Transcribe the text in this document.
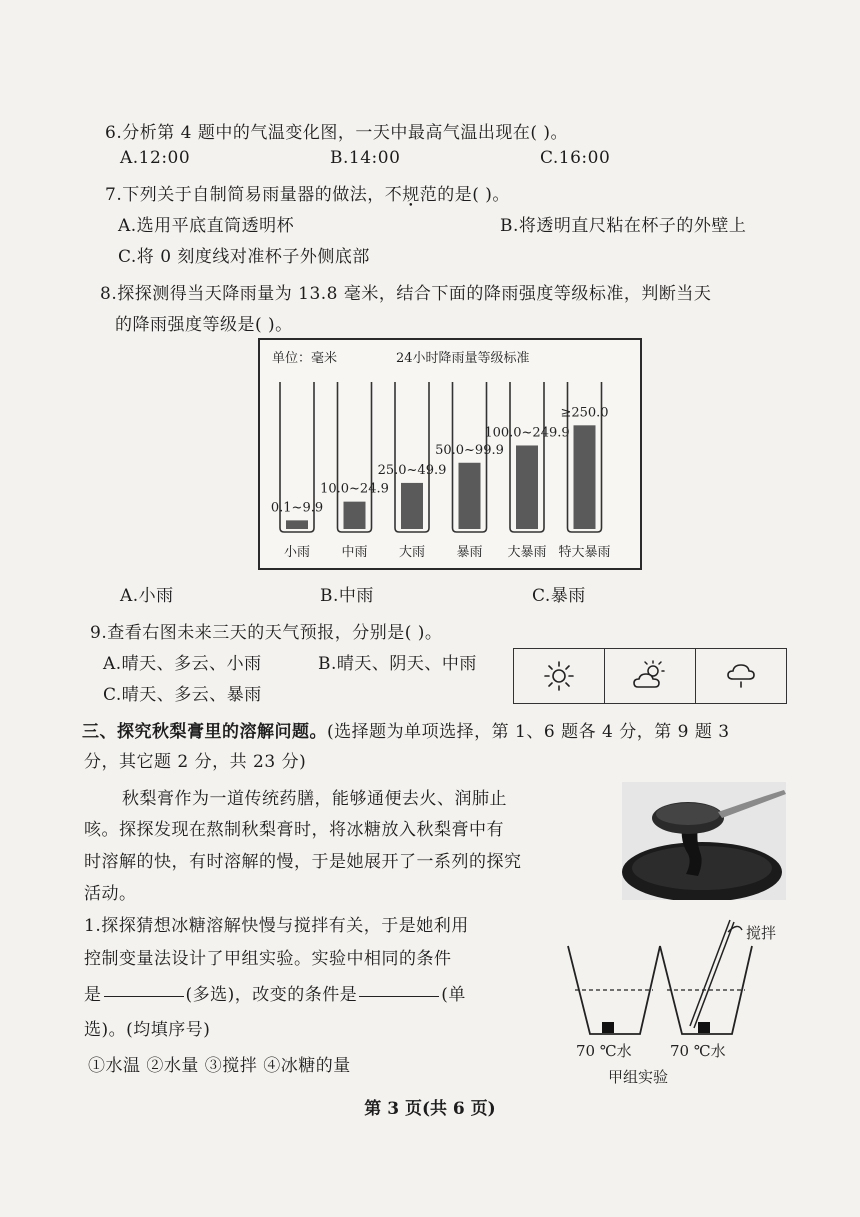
6.分析第 4 题中的气温变化图，一天中最高气温出现在( )。
A.12:00	B.14:00	C.16:00
7.下列关于自制简易雨量器的做法，不规范的是( )。
A.选用平底直筒透明杯	B.将透明直尺粘在杯子的外壁上
C.将 0 刻度线对准杯子外侧底部
8.探探测得当天降雨量为 13.8 毫米，结合下面的降雨强度等级标准，判断当天
的降雨强度等级是( )。
单位：毫米	24小时降雨量等级标准
0.1~9.9
小雨
10.0~24.9
中雨
25.0~49.9
大雨
50.0~99.9
暴雨
100.0~249.9
大暴雨
≥250.0
特大暴雨
A.小雨	B.中雨	C.暴雨
9.查看右图未来三天的天气预报，分别是( )。
A.晴天、多云、小雨	B.晴天、阴天、中雨
C.晴天、多云、暴雨
三、探究秋梨膏里的溶解问题。(选择题为单项选择，第 1、6 题各 4 分，第 9 题 3
分，其它题 2 分，共 23 分)
秋梨膏作为一道传统药膳，能够通便去火、润肺止
咳。探探发现在熬制秋梨膏时，将冰糖放入秋梨膏中有
时溶解的快，有时溶解的慢，于是她展开了一系列的探究
活动。
1.探探猜想冰糖溶解快慢与搅拌有关，于是她利用
控制变量法设计了甲组实验。实验中相同的条件
是	(多选)，改变的条件是	(单
选)。(均填序号)
①水温 ②水量 ③搅拌 ④冰糖的量
搅拌
70 ℃水	70 ℃水
甲组实验
第 3 页(共 6 页)
